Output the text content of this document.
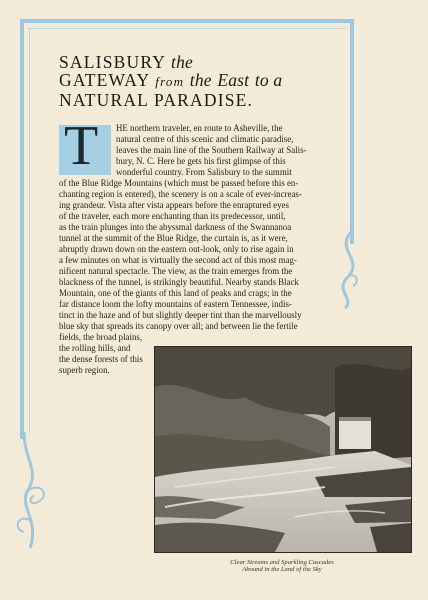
SALISBURY the
GATEWAY from the East to a
NATURAL PARADISE.
T HE northern traveler, en route to Asheville, the
natural centre of this scenic and climatic paradise,
leaves the main line of the Southern Railway at Salis-
bury, N. C. Here he gets his first glimpse of this
wonderful country. From Salisbury to the summit
of the Blue Ridge Mountains (which must be passed before this en-
chanting region is entered), the scenery is on a scale of ever-increas-
ing grandeur. Vista after vista appears before the enraptured eyes
of the traveler, each more enchanting than its predecessor, until,
as the train plunges into the abyssmal darkness of the Swannanoa
tunnel at the summit of the Blue Ridge, the curtain is, as it were,
abruptly drawn down on the eastern out-look, only to rise again in
a few minutes on what is virtually the second act of this most mag-
nificent natural spectacle. The view, as the train emerges from the
blackness of the tunnel, is strikingly beautiful. Nearby stands Black
Mountain, one of the giants of this land of peaks and crags; in the
far distance loom the lofty mountains of eastern Tennessee, indis-
tinct in the haze and of but slightly deeper tint than the marvellously
blue sky that spreads its canopy over all; and between lie the fertile
fields, the broad plains,
the rolling hills, and
the dense forests of this
superb region.
Clear Streams and Sparkling Cascades
Abound in the Land of the Sky
